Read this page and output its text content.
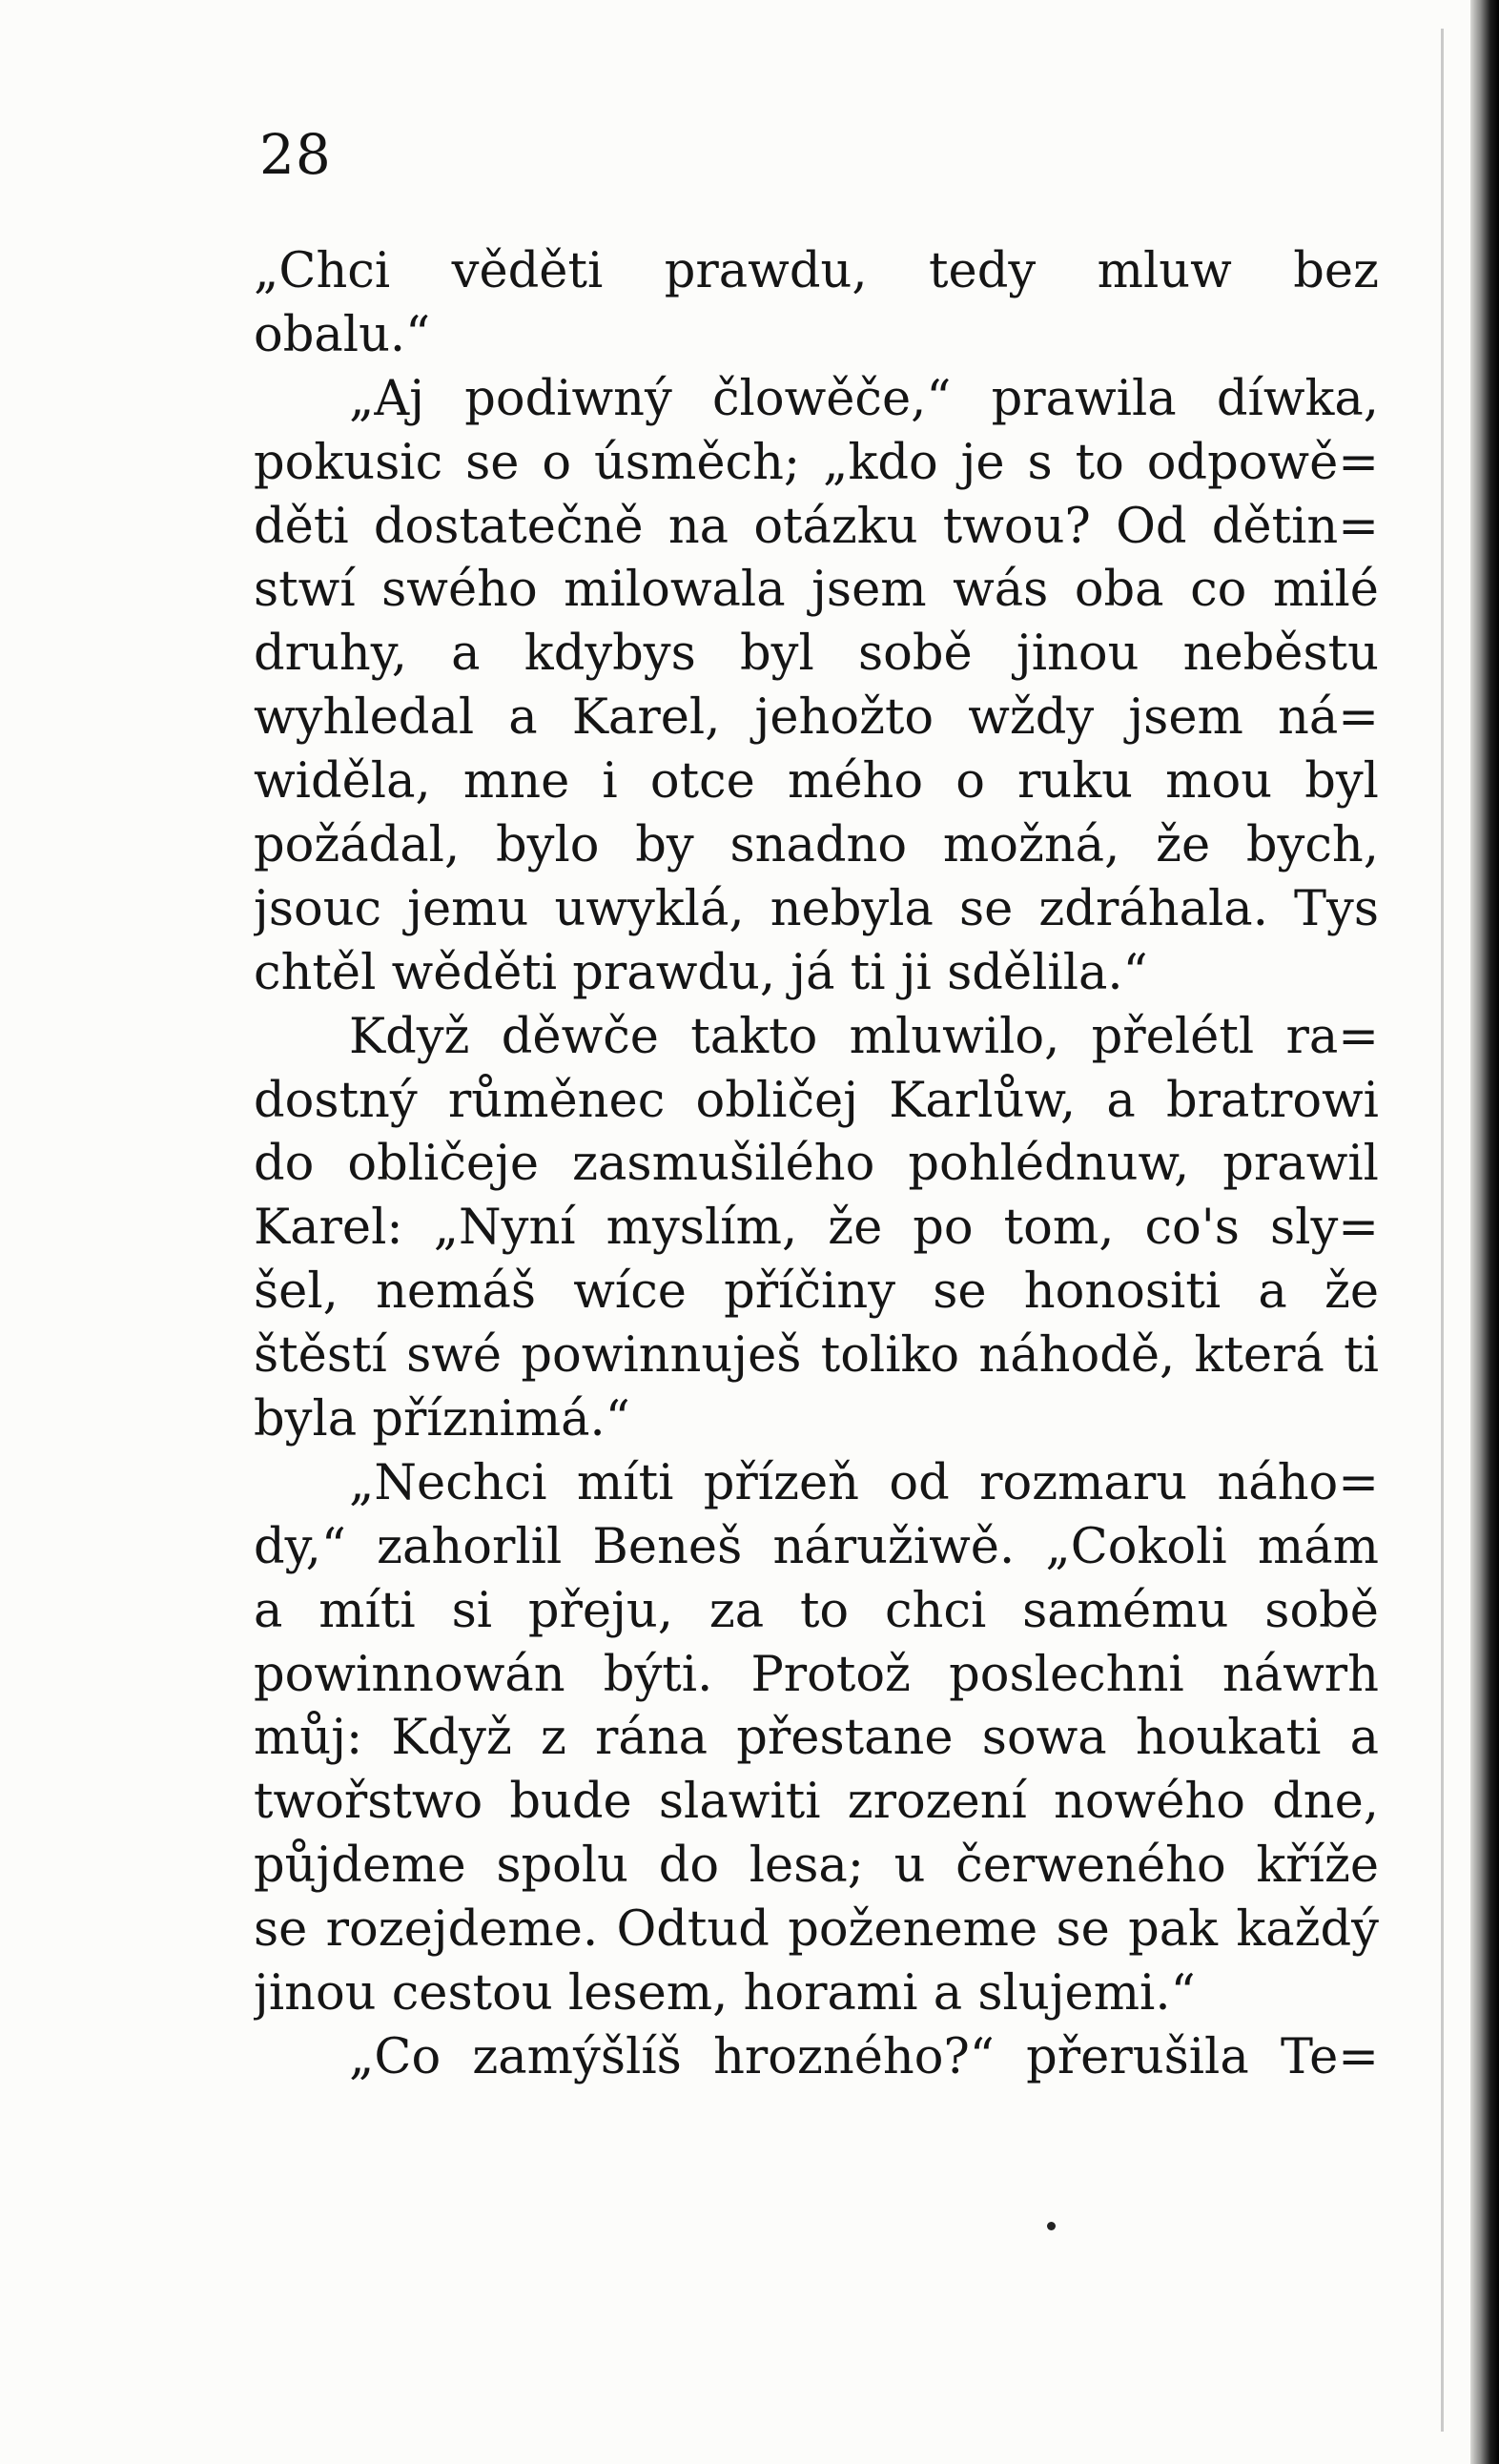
28
„Chci věděti prawdu, tedy mluw bez
obalu.“
„Aj podiwný člowěče,“ prawila díwka,
pokusic se o úsměch; „kdo je s to odpowě=
děti dostatečně na otázku twou? Od dětin=
stwí swého milowala jsem wás oba co milé
druhy, a kdybys byl sobě jinou neběstu
wyhledal a Karel, jehožto wždy jsem ná=
widěla, mne i otce mého o ruku mou byl
požádal, bylo by snadno možná, že bych,
jsouc jemu uwyklá, nebyla se zdráhala. Tys
chtěl wěděti prawdu, já ti ji sdělila.“
Když děwče takto mluwilo, přelétl ra=
dostný růměnec obličej Karlůw, a bratrowi
do obličeje zasmušilého pohlédnuw, prawil
Karel: „Nyní myslím, že po tom, co's sly=
šel, nemáš wíce příčiny se honositi a že
štěstí swé powinnuješ toliko náhodě, která ti
byla příznimá.“
„Nechci míti přízeň od rozmaru náho=
dy,“ zahorlil Beneš náružiwě. „Cokoli mám
a míti si přeju, za to chci samému sobě
powinnowán býti. Protož poslechni náwrh
můj: Když z rána přestane sowa houkati a
twořstwo bude slawiti zrození nowého dne,
půjdeme spolu do lesa; u čerweného kříže
se rozejdeme. Odtud poženeme se pak každý
jinou cestou lesem, horami a slujemi.“
„Co zamýšlíš hrozného?“ přerušila Te=
